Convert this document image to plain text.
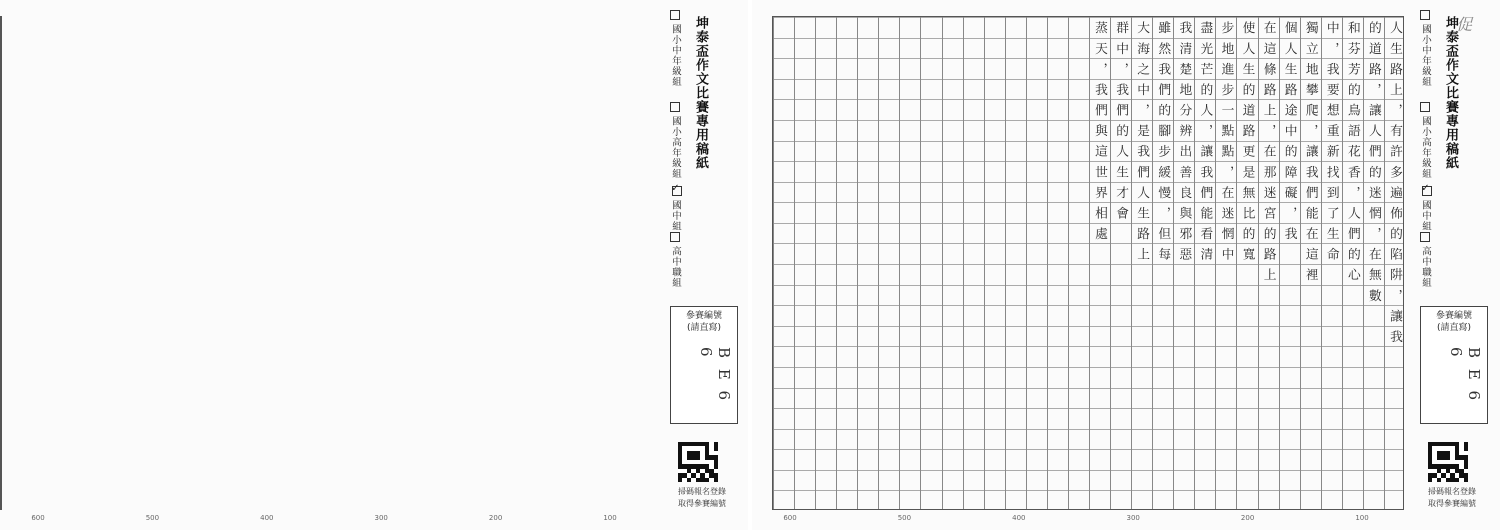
600	500	400	300	200	100
人生路上，有許多遍佈的陷阱，讓我
的道路，讓人們的迷惘，在無數
和芬芳的鳥語花香，人們的心
中，我要想重新找到了生命
獨立地攀爬，讓我們能在這裡
個人生路途中的障礙，我
在這條路上，在那迷宮的路上
使人生的道路更是無比的寬
步地進步一點點，在迷惘中
盡光芒的人，讓我們能看清
我清楚地分辨出善良與邪惡
雖然我們的腳步緩慢，但每
大海之中，是我們人生路上
群中，我們的人生才會
蒸天，我們與這世界相處
600	500	400	300	200	100
坤泰盃作文比賽專用稿紙
國小中年級組
國小高年級組
✓國中組
高中職組
參賽編號
(請直寫)
B E 6 6
掃碼報名登錄
取得參賽編號
坤泰盃作文比賽專用稿紙
國小中年級組
國小高年級組
✓國中組
高中職組
參賽編號
(請直寫)
B E 6 6
掃碼報名登錄
取得參賽編號
促
